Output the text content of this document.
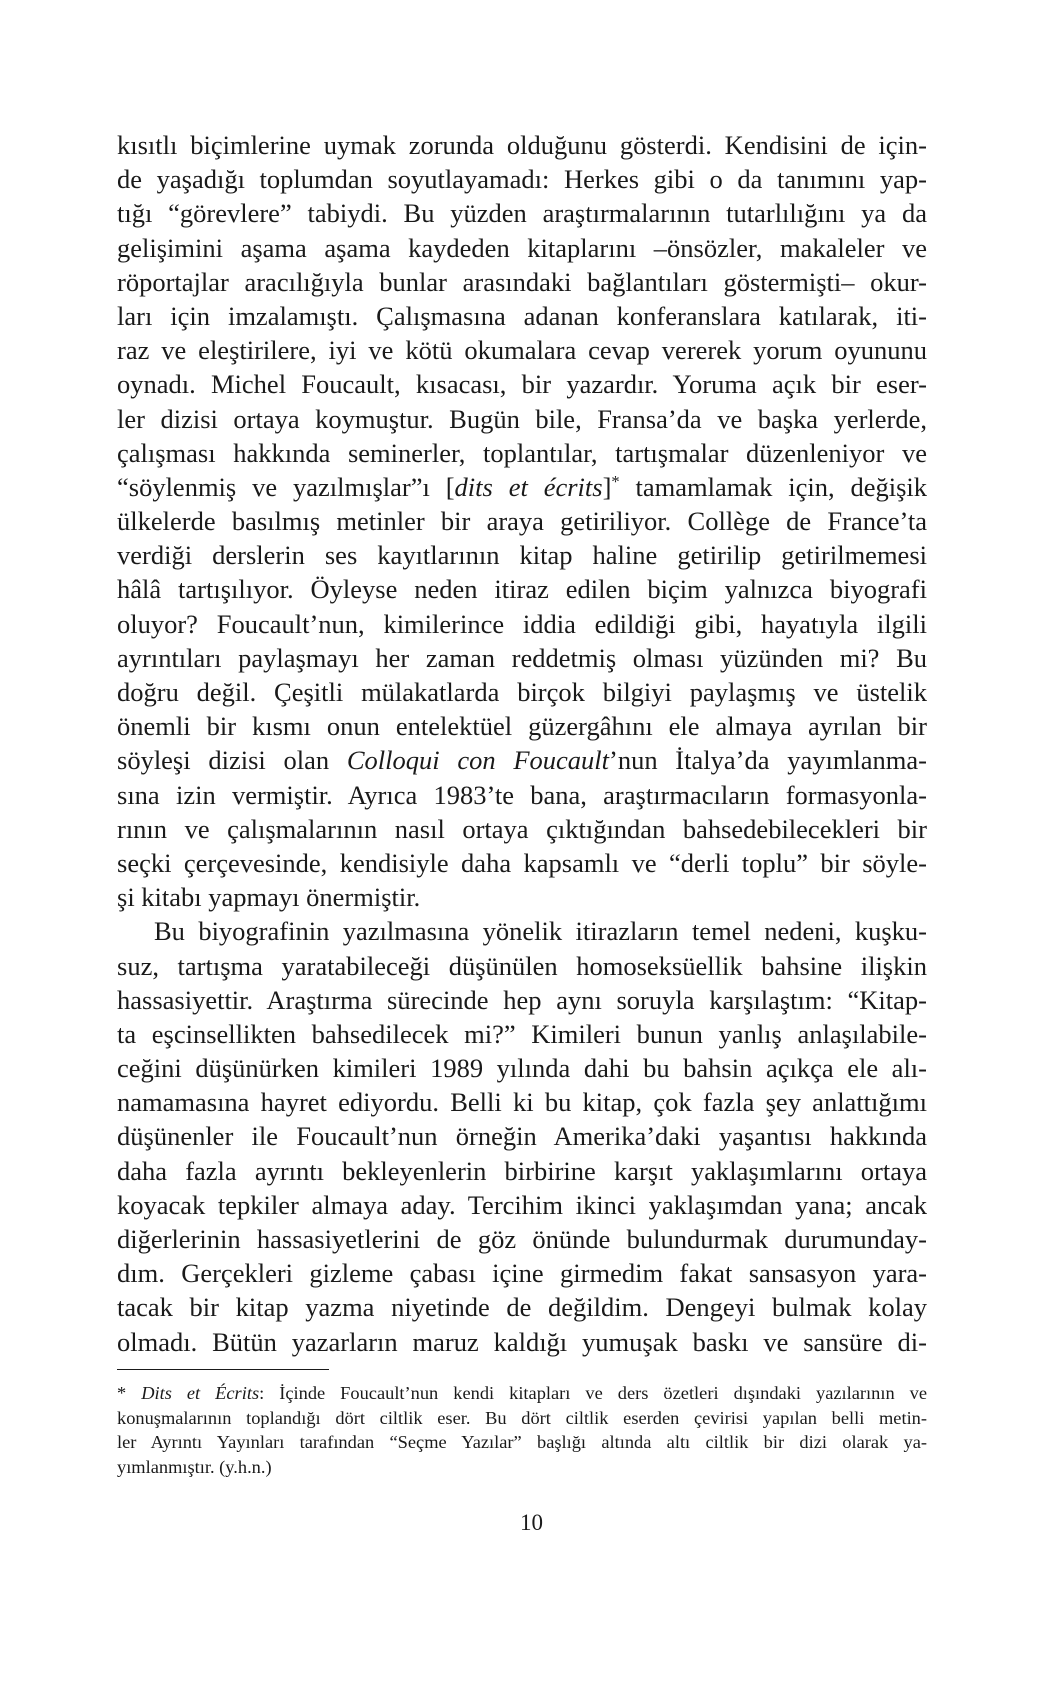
kısıtlı biçimlerine uymak zorunda olduğunu gösterdi. Kendisini de için-
de yaşadığı toplumdan soyutlayamadı: Herkes gibi o da tanımını yap-
tığı “görevlere” tabiydi. Bu yüzden araştırmalarının tutarlılığını ya da
gelişimini aşama aşama kaydeden kitaplarını –önsözler, makaleler ve
röportajlar aracılığıyla bunlar arasındaki bağlantıları göstermişti– okur-
ları için imzalamıştı. Çalışmasına adanan konferanslara katılarak, iti-
raz ve eleştirilere, iyi ve kötü okumalara cevap vererek yorum oyununu
oynadı. Michel Foucault, kısacası, bir yazardır. Yoruma açık bir eser-
ler dizisi ortaya koymuştur. Bugün bile, Fransa’da ve başka yerlerde,
çalışması hakkında seminerler, toplantılar, tartışmalar düzenleniyor ve
“söylenmiş ve yazılmışlar”ı [dits et écrits]* tamamlamak için, değişik
ülkelerde basılmış metinler bir araya getiriliyor. Collège de France’ta
verdiği derslerin ses kayıtlarının kitap haline getirilip getirilmemesi
hâlâ tartışılıyor. Öyleyse neden itiraz edilen biçim yalnızca biyografi
oluyor? Foucault’nun, kimilerince iddia edildiği gibi, hayatıyla ilgili
ayrıntıları paylaşmayı her zaman reddetmiş olması yüzünden mi? Bu
doğru değil. Çeşitli mülakatlarda birçok bilgiyi paylaşmış ve üstelik
önemli bir kısmı onun entelektüel güzergâhını ele almaya ayrılan bir
söyleşi dizisi olan Colloqui con Foucault’nun İtalya’da yayımlanma-
sına izin vermiştir. Ayrıca 1983’te bana, araştırmacıların formasyonla-
rının ve çalışmalarının nasıl ortaya çıktığından bahsedebilecekleri bir
seçki çerçevesinde, kendisiyle daha kapsamlı ve “derli toplu” bir söyle-
şi kitabı yapmayı önermiştir.
Bu biyografinin yazılmasına yönelik itirazların temel nedeni, kuşku-
suz, tartışma yaratabileceği düşünülen homoseksüellik bahsine ilişkin
hassasiyettir. Araştırma sürecinde hep aynı soruyla karşılaştım: “Kitap-
ta eşcinsellikten bahsedilecek mi?” Kimileri bunun yanlış anlaşılabile-
ceğini düşünürken kimileri 1989 yılında dahi bu bahsin açıkça ele alı-
namamasına hayret ediyordu. Belli ki bu kitap, çok fazla şey anlattığımı
düşünenler ile Foucault’nun örneğin Amerika’daki yaşantısı hakkında
daha fazla ayrıntı bekleyenlerin birbirine karşıt yaklaşımlarını ortaya
koyacak tepkiler almaya aday. Tercihim ikinci yaklaşımdan yana; ancak
diğerlerinin hassasiyetlerini de göz önünde bulundurmak durumunday-
dım. Gerçekleri gizleme çabası içine girmedim fakat sansasyon yara-
tacak bir kitap yazma niyetinde de değildim. Dengeyi bulmak kolay
olmadı. Bütün yazarların maruz kaldığı yumuşak baskı ve sansüre di-
* Dits et Écrits: İçinde Foucault’nun kendi kitapları ve ders özetleri dışındaki yazılarının ve
konuşmalarının toplandığı dört ciltlik eser. Bu dört ciltlik eserden çevirisi yapılan belli metin-
ler Ayrıntı Yayınları tarafından “Seçme Yazılar” başlığı altında altı ciltlik bir dizi olarak ya-
yımlanmıştır. (y.h.n.)
10
